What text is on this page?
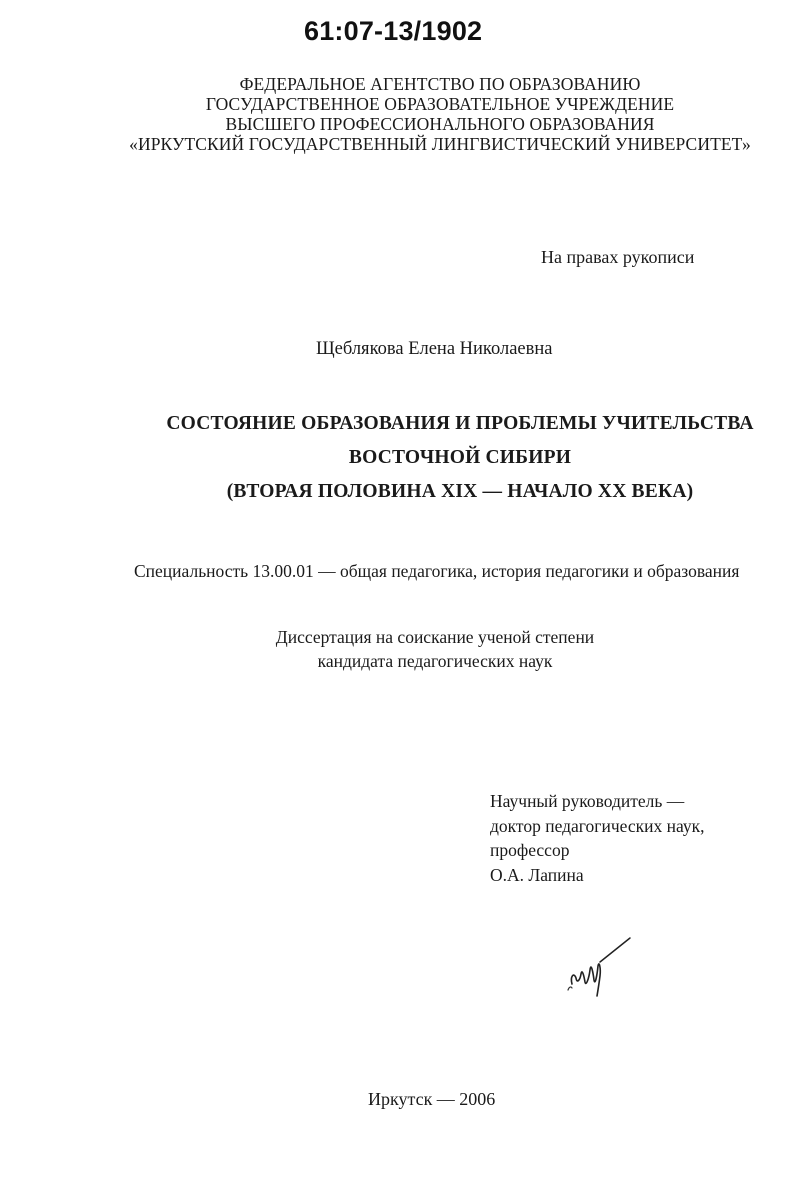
61:07-13/1902
ФЕДЕРАЛЬНОЕ АГЕНТСТВО ПО ОБРАЗОВАНИЮ
ГОСУДАРСТВЕННОЕ ОБРАЗОВАТЕЛЬНОЕ УЧРЕЖДЕНИЕ
ВЫСШЕГО ПРОФЕССИОНАЛЬНОГО ОБРАЗОВАНИЯ
«ИРКУТСКИЙ ГОСУДАРСТВЕННЫЙ ЛИНГВИСТИЧЕСКИЙ УНИВЕРСИТЕТ»
На правах рукописи
Щеблякова Елена Николаевна
СОСТОЯНИЕ ОБРАЗОВАНИЯ И ПРОБЛЕМЫ УЧИТЕЛЬСТВА
ВОСТОЧНОЙ СИБИРИ
(ВТОРАЯ ПОЛОВИНА XIX — НАЧАЛО XX ВЕКА)
Специальность 13.00.01 — общая педагогика, история педагогики и образования
Диссертация на соискание ученой степени
кандидата педагогических наук
Научный руководитель —
доктор педагогических наук,
профессор
О.А. Лапина
Иркутск — 2006
